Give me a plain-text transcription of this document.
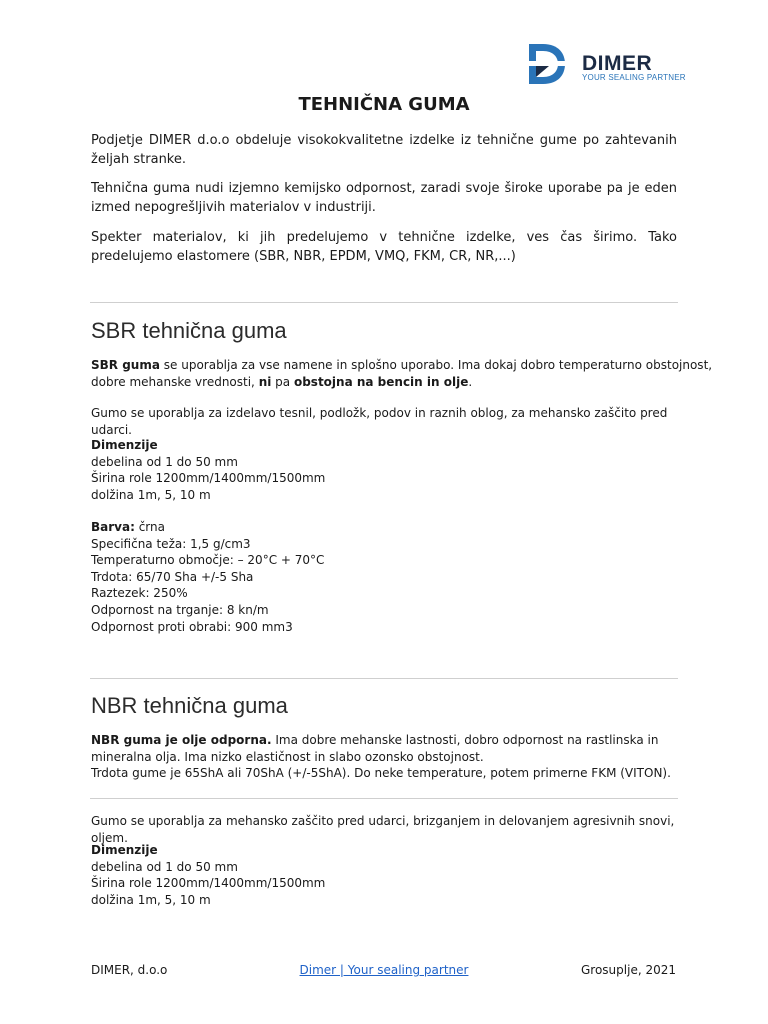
DIMER
YOUR SEALING PARTNER
TEHNIČNA GUMA
Podjetje DIMER d.o.o obdeluje visokokvalitetne izdelke iz tehnične gume po zahtevanih željah stranke.
Tehnična guma nudi izjemno kemijsko odpornost, zaradi svoje široke uporabe pa je eden izmed nepogrešljivih materialov v industriji.
Spekter materialov, ki jih predelujemo v tehnične izdelke, ves čas širimo. Tako predelujemo elastomere (SBR, NBR, EPDM, VMQ, FKM, CR, NR,...)
SBR tehnična guma
SBR guma se uporablja za vse namene in splošno uporabo. Ima dokaj dobro temperaturno obstojnost,
dobre mehanske vrednosti, ni pa obstojna na bencin in olje.
Gumo se uporablja za izdelavo tesnil, podložk, podov in raznih oblog, za mehansko zaščito pred udarci.
Dimenzije
debelina od 1 do 50 mm
Širina role 1200mm/1400mm/1500mm
dolžina 1m, 5, 10 m
Barva: črna
Specifična teža: 1,5 g/cm3
Temperaturno območje: – 20°C + 70°C
Trdota: 65/70 Sha +/-5 Sha
Raztezek: 250%
Odpornost na trganje: 8 kn/m
Odpornost proti obrabi: 900 mm3
NBR tehnična guma
NBR guma je olje odporna. Ima dobre mehanske lastnosti, dobro odpornost na rastlinska in
mineralna olja. Ima nizko elastičnost in slabo ozonsko obstojnost.
Trdota gume je 65ShA ali 70ShA (+/-5ShA). Do neke temperature, potem primerne FKM (VITON).
Gumo se uporablja za mehansko zaščito pred udarci, brizganjem in delovanjem agresivnih snovi, oljem.
Dimenzije
debelina od 1 do 50 mm
Širina role 1200mm/1400mm/1500mm
dolžina 1m, 5, 10 m
DIMER, d.o.o	Dimer | Your sealing partner	Grosuplje, 2021
